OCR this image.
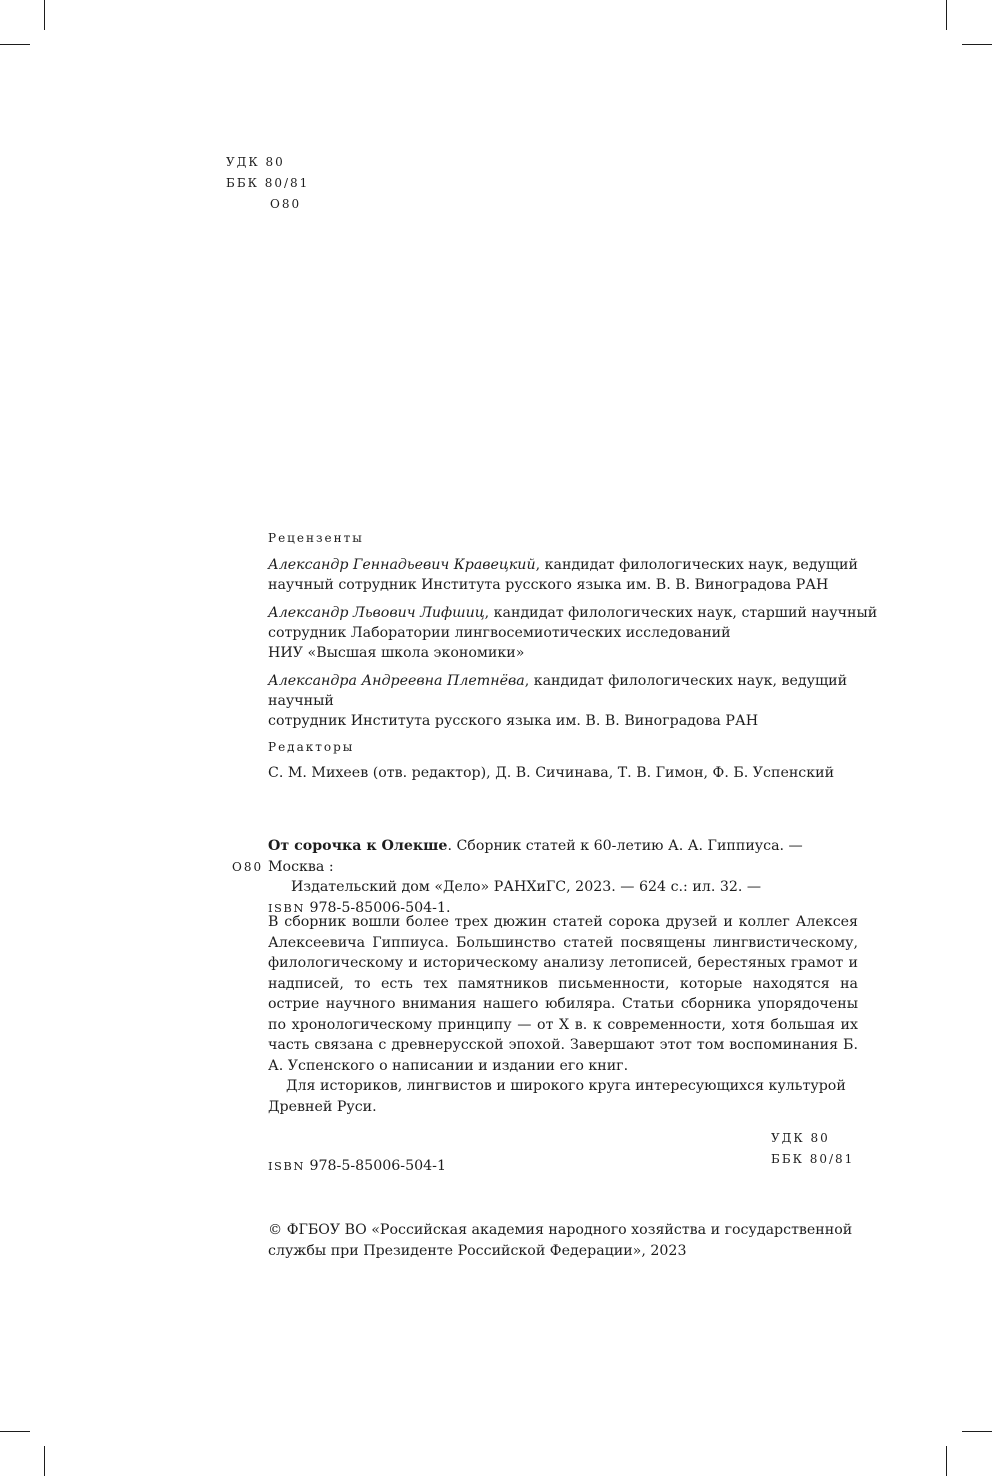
УДК 80
ББК 80/81
О80
Рецензенты
Александр Геннадьевич Кравецкий, кандидат филологических наук, ведущий
научный сотрудник Института русского языка им. В. В. Виноградова РАН
Александр Львович Лифшиц, кандидат филологических наук, старший научный
сотрудник Лаборатории лингвосемиотических исследований
НИУ «Высшая школа экономики»
Александра Андреевна Плетнёва, кандидат филологических наук, ведущий научный
сотрудник Института русского языка им. В. В. Виноградова РАН
Редакторы
С. М. Михеев (отв. редактор), Д. В. Сичинава, Т. В. Гимон, Ф. Б. Успенский
О80
От сорочка к Олекше. Сборник статей к 60-летию А. А. Гиппиуса. — Москва :
Издательский дом «Дело» РАНХиГС, 2023. — 624 с.: ил. 32. —
ISBN 978-5-85006-504-1.

В сборник вошли более трех дюжин статей сорока друзей и коллег Алексея Алексеевича Гиппиуса. Большинство статей посвящены лингвистическому, филологическому и историческому анализу летописей, берестяных грамот и надписей, то есть тех памятников письменности, которые находятся на острие научного внимания нашего юбиляра. Статьи сборника упорядочены по хронологическому принципу — от X в. к современности, хотя большая их часть связана с древнерусской эпохой. Завершают этот том воспоминания Б. А. Успенского о написании и издании его книг.

Для историков, лингвистов и широкого круга интересующихся культурой Древней Руси.

УДК 80
ББК 80/81
ISBN 978-5-85006-504-1
© ФГБОУ ВО «Российская академия народного хозяйства и государственной
службы при Президенте Российской Федерации», 2023
